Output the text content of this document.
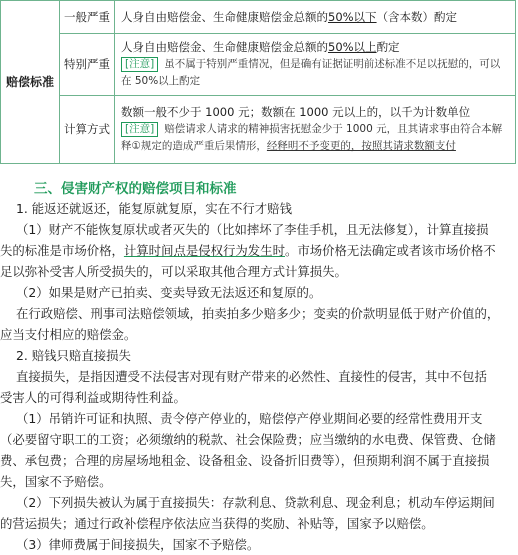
赔偿标准	一般严重	人身自由赔偿金、生命健康赔偿金总额的50%以下（含本数）酌定
	特别严重	人身自由赔偿金、生命健康赔偿金总额的50%以上酌定
[注意] 虽不属于特别严重情况，但是确有证据证明前述标准不足以抚慰的，可以在 50%以上酌定

	计算方式	数额一般不少于 1000 元；数额在 1000 元以上的，以千为计数单位
[注意] 赔偿请求人请求的精神损害抚慰金少于 1000 元，且其请求事由符合本解释①规定的造成严重后果情形，经释明不予变更的，按照其请求数额支付
三、侵害财产权的赔偿项目和标准
1. 能返还就返还，能复原就复原，实在不行才赔钱
（1）财产不能恢复原状或者灭失的（比如摔坏了李佳手机，且无法修复），计算直接损
失的标准是市场价格，计算时间点是侵权行为发生时。市场价格无法确定或者该市场价格不
足以弥补受害人所受损失的，可以采取其他合理方式计算损失。
（2）如果是财产已拍卖、变卖导致无法返还和复原的。
在行政赔偿、刑事司法赔偿领域，拍卖拍多少赔多少；变卖的价款明显低于财产价值的，
应当支付相应的赔偿金。
2. 赔钱只赔直接损失
直接损失，是指因遭受不法侵害对现有财产带来的必然性、直接性的侵害，其中不包括
受害人的可得利益或期待性利益。
（1）吊销许可证和执照、责令停产停业的，赔偿停产停业期间必要的经常性费用开支
（必要留守职工的工资；必须缴纳的税款、社会保险费；应当缴纳的水电费、保管费、仓储
费、承包费；合理的房屋场地租金、设备租金、设备折旧费等），但预期利润不属于直接损
失，国家不予赔偿。
（2）下列损失被认为属于直接损失：存款利息、贷款利息、现金利息；机动车停运期间
的营运损失；通过行政补偿程序依法应当获得的奖励、补贴等，国家予以赔偿。
（3）律师费属于间接损失，国家不予赔偿。
